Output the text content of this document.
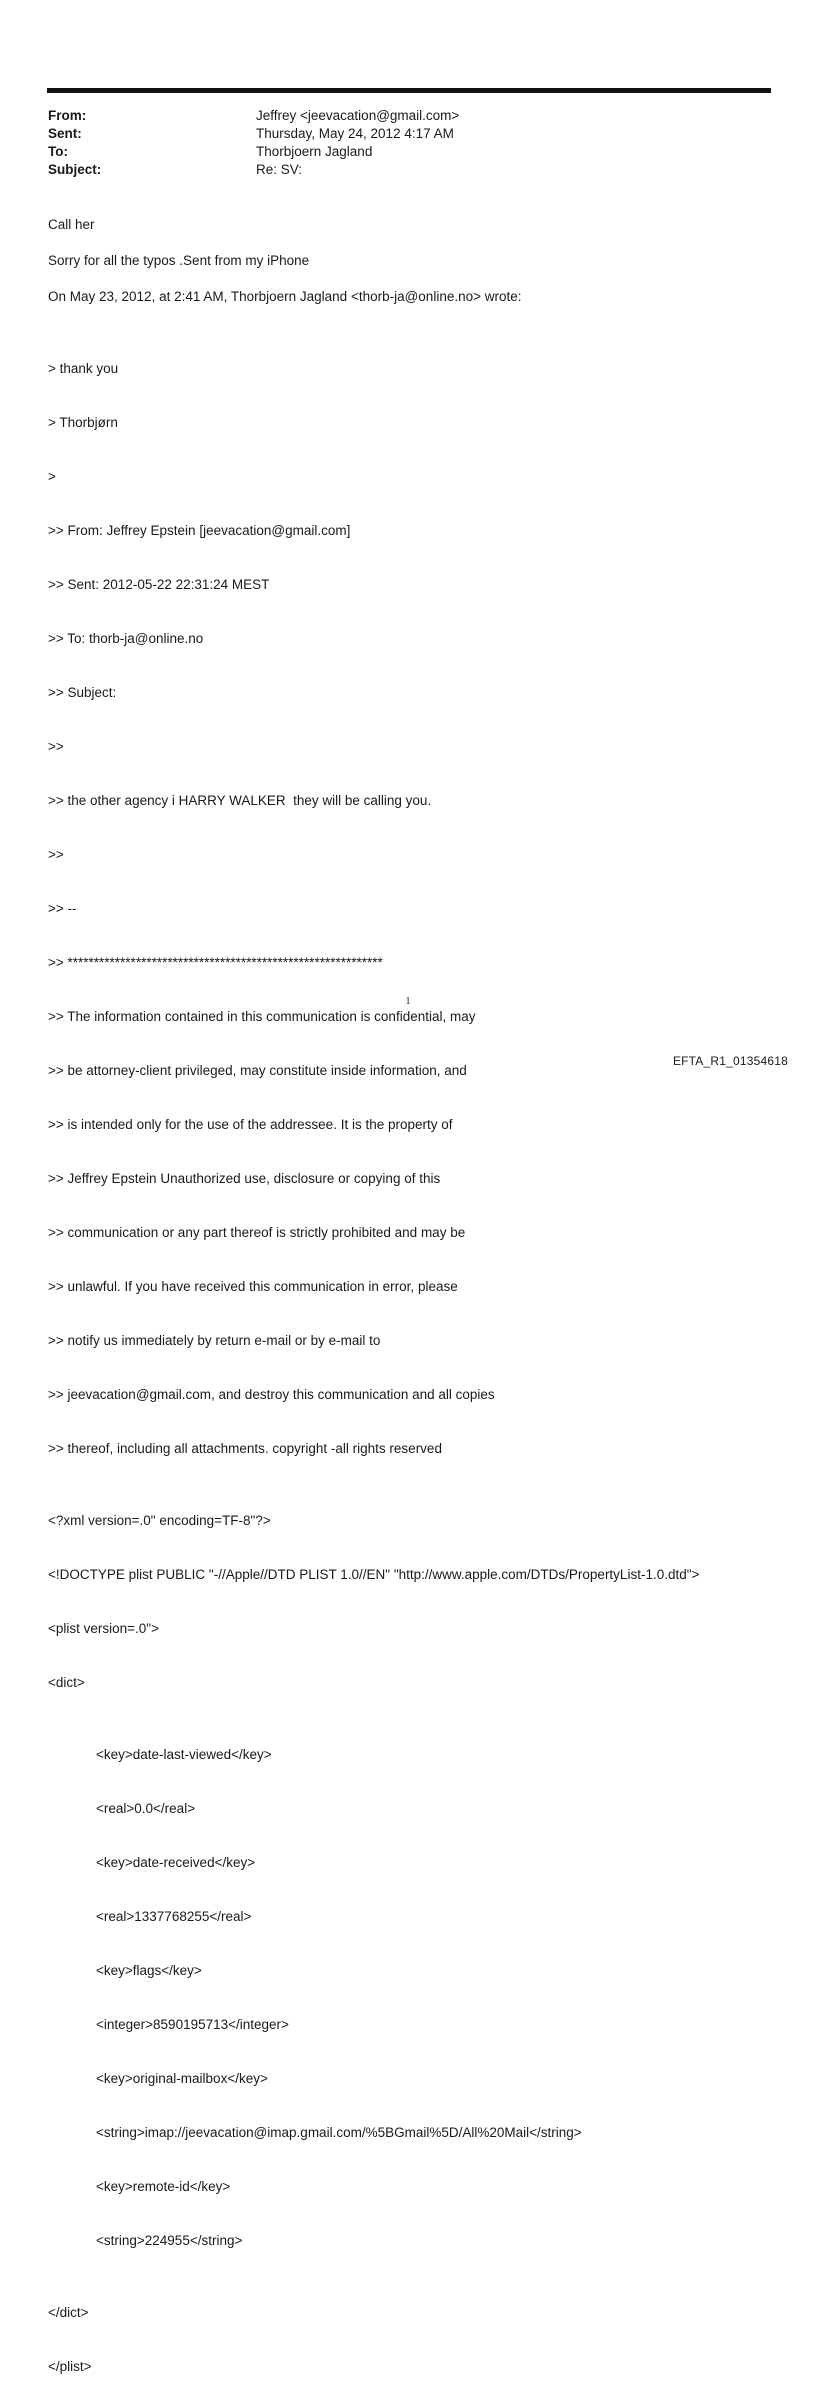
From:	Jeffrey <jeevacation@gmail.com>
Sent:	Thursday, May 24, 2012 4:17 AM
To:	Thorbjoern Jagland
Subject:	Re: SV:
Call her
Sorry for all the typos .Sent from my iPhone
On May 23, 2012, at 2:41 AM, Thorbjoern Jagland <thorb-ja@online.no> wrote:

> thank you

> Thorbjørn

>

>> From: Jeffrey Epstein [jeevacation@gmail.com]

>> Sent: 2012-05-22 22:31:24 MEST

>> To: thorb-ja@online.no

>> Subject:

>>

>> the other agency i HARRY WALKER  they will be calling you.

>>

>> --

>> ************************************************************

>> The information contained in this communication is confidential, may

>> be attorney-client privileged, may constitute inside information, and

>> is intended only for the use of the addressee. It is the property of

>> Jeffrey Epstein Unauthorized use, disclosure or copying of this

>> communication or any part thereof is strictly prohibited and may be

>> unlawful. If you have received this communication in error, please

>> notify us immediately by return e-mail or by e-mail to

>> jeevacation@gmail.com, and destroy this communication and all copies

>> thereof, including all attachments. copyright -all rights reserved

<?xml version=.0" encoding=TF-8"?>

<!DOCTYPE plist PUBLIC "-//Apple//DTD PLIST 1.0//EN" "http://www.apple.com/DTDs/PropertyList-1.0.dtd">

<plist version=.0">

<dict>

<key>date-last-viewed</key>

<real>0.0</real>

<key>date-received</key>

<real>1337768255</real>

<key>flags</key>

<integer>8590195713</integer>

<key>original-mailbox</key>

<string>imap://jeevacation@imap.gmail.com/%5BGmail%5D/All%20Mail</string>

<key>remote-id</key>

<string>224955</string>

</dict>

</plist>

1
EFTA_R1_01354618
